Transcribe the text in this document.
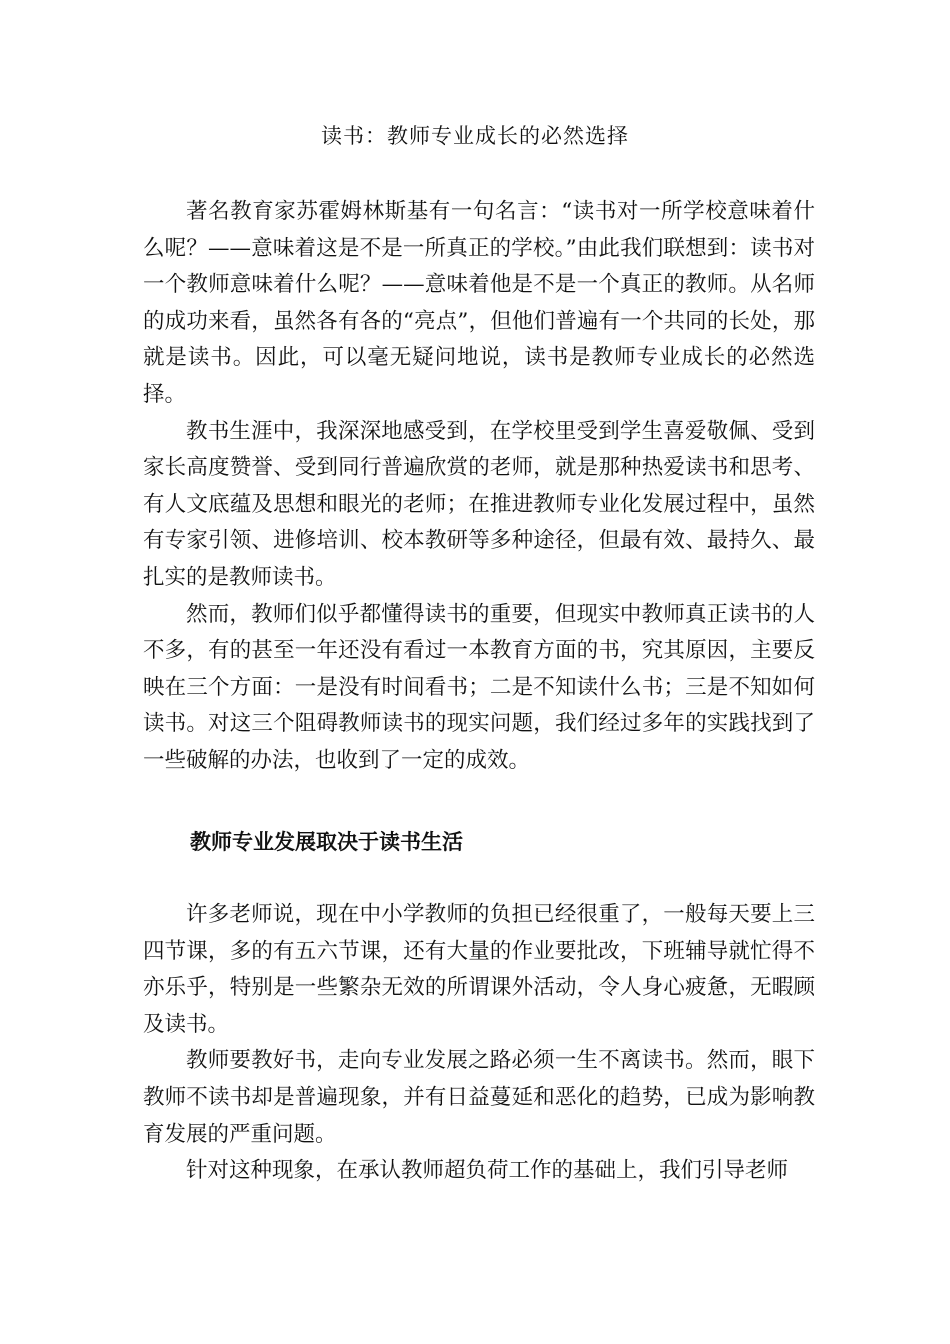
读书：教师专业成长的必然选择

著名教育家苏霍姆林斯基有一句名言：“读书对一所学校意味着什么呢？——意味着这是不是一所真正的学校。”由此我们联想到：读书对一个教师意味着什么呢？——意味着他是不是一个真正的教师。从名师的成功来看，虽然各有各的“亮点”，但他们普遍有一个共同的长处，那就是读书。因此，可以毫无疑问地说，读书是教师专业成长的必然选择。

教书生涯中，我深深地感受到，在学校里受到学生喜爱敬佩、受到家长高度赞誉、受到同行普遍欣赏的老师，就是那种热爱读书和思考、有人文底蕴及思想和眼光的老师；在推进教师专业化发展过程中，虽然有专家引领、进修培训、校本教研等多种途径，但最有效、最持久、最扎实的是教师读书。

然而，教师们似乎都懂得读书的重要，但现实中教师真正读书的人不多，有的甚至一年还没有看过一本教育方面的书，究其原因，主要反映在三个方面：一是没有时间看书；二是不知读什么书；三是不知如何读书。对这三个阻碍教师读书的现实问题，我们经过多年的实践找到了一些破解的办法，也收到了一定的成效。

教师专业发展取决于读书生活

许多老师说，现在中小学教师的负担已经很重了，一般每天要上三四节课，多的有五六节课，还有大量的作业要批改，下班辅导就忙得不亦乐乎，特别是一些繁杂无效的所谓课外活动，令人身心疲惫，无暇顾及读书。

教师要教好书，走向专业发展之路必须一生不离读书。然而，眼下教师不读书却是普遍现象，并有日益蔓延和恶化的趋势，已成为影响教育发展的严重问题。

针对这种现象，在承认教师超负荷工作的基础上，我们引导老师
